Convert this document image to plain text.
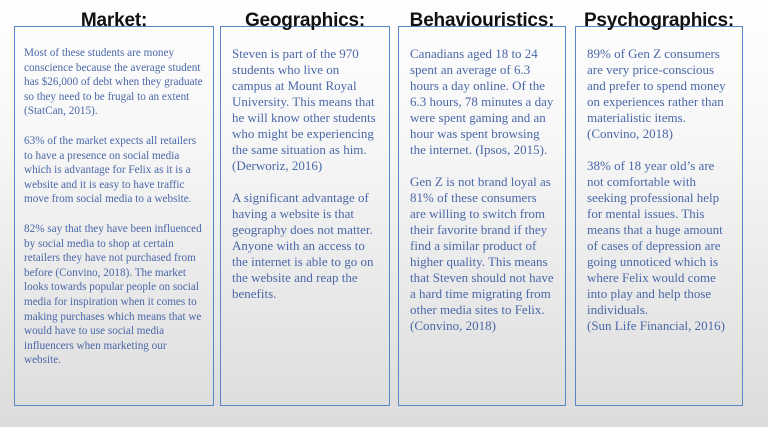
Market:

Most of these students are money conscience because the average student has $26,000 of debt when they graduate so they need to be frugal to an extent (StatCan, 2015).

63% of the market expects all retailers to have a presence on social media which is advantage for Felix as it is a website and it is easy to have traffic move from social media to a website.

82% say that they have been influenced by social media to shop at certain retailers they have not purchased from before (Convino, 2018). The market looks towards popular people on social media for inspiration when it comes to making purchases which means that we would have to use social media influencers when marketing our website.

Geographics:

Steven is part of the 970 students who live on campus at Mount Royal University. This means that he will know other students who might be experiencing the same situation as him. (Derworiz, 2016)

A significant advantage of having a website is that geography does not matter. Anyone with an access to the internet is able to go on the website and reap the benefits.

Behaviouristics:

Canadians aged 18 to 24 spent an average of 6.3 hours a day online. Of the 6.3 hours, 78 minutes a day were spent gaming and an hour was spent browsing the internet. (Ipsos, 2015).

Gen Z is not brand loyal as 81% of these consumers are willing to switch from their favorite brand if they find a similar product of higher quality. This means that Steven should not have a hard time migrating from other media sites to Felix. (Convino, 2018)

Psychographics:

89% of Gen Z consumers are very price-conscious and prefer to spend money on experiences rather than materialistic items. (Convino, 2018)

38% of 18 year old’s are not comfortable with seeking professional help for mental issues. This means that a huge amount of cases of depression are going unnoticed which is where Felix would come into play and help those individuals.
(Sun Life Financial, 2016)
